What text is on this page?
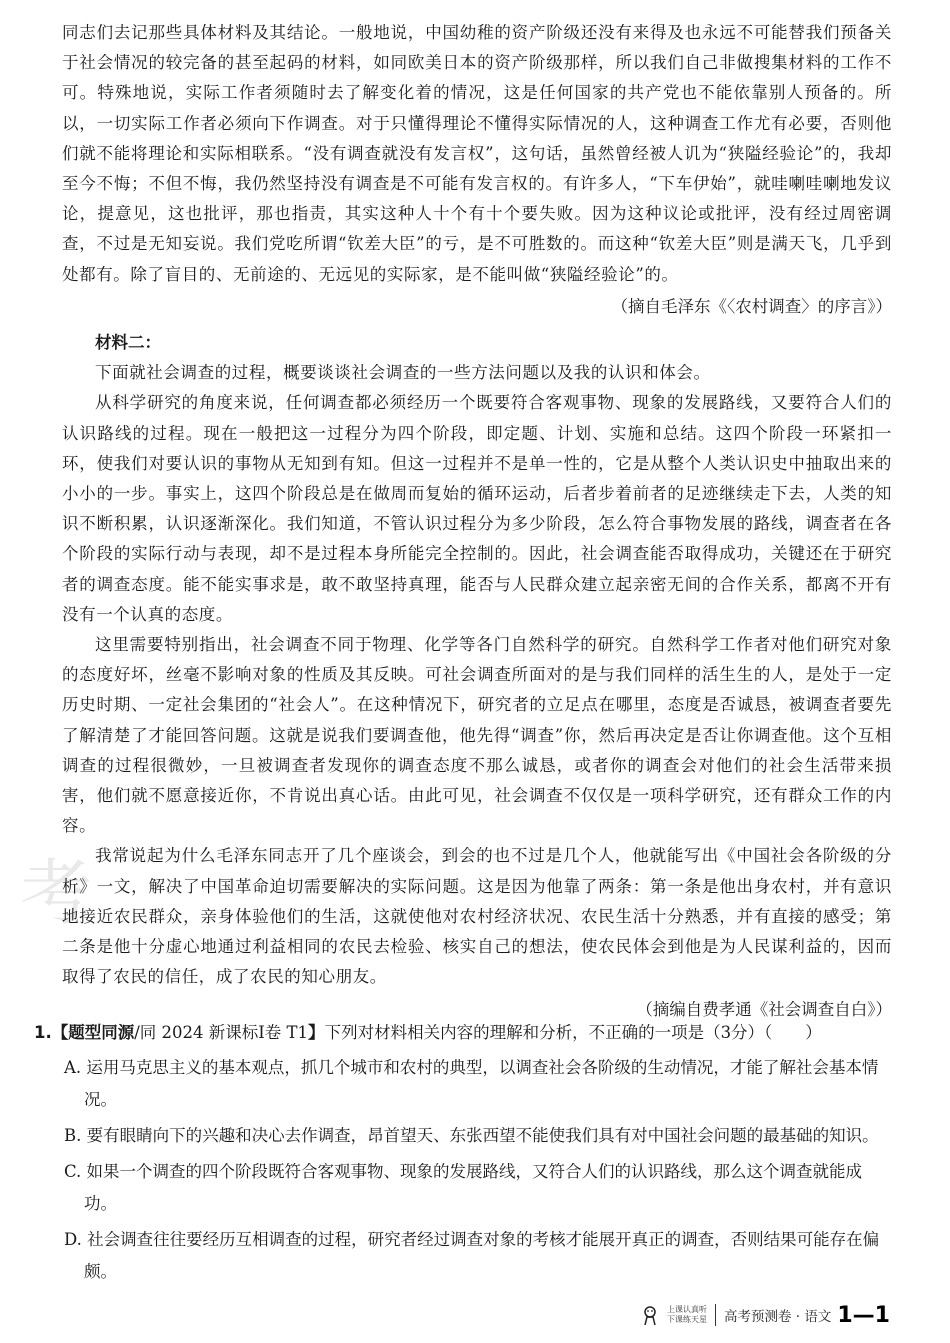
考

同志们去记那些具体材料及其结论。一般地说，中国幼稚的资产阶级还没有来得及也永远不可能替我们预备关于社会情况的较完备的甚至起码的材料，如同欧美日本的资产阶级那样，所以我们自己非做搜集材料的工作不可。特殊地说，实际工作者须随时去了解变化着的情况，这是任何国家的共产党也不能依靠别人预备的。所以，一切实际工作者必须向下作调查。对于只懂得理论不懂得实际情况的人，这种调查工作尤有必要，否则他们就不能将理论和实际相联系。“没有调查就没有发言权”，这句话，虽然曾经被人讥为“狭隘经验论”的，我却至今不悔；不但不悔，我仍然坚持没有调查是不可能有发言权的。有许多人，“下车伊始”，就哇喇哇喇地发议论，提意见，这也批评，那也指责，其实这种人十个有十个要失败。因为这种议论或批评，没有经过周密调查，不过是无知妄说。我们党吃所谓“钦差大臣”的亏，是不可胜数的。而这种“钦差大臣”则是满天飞，几乎到处都有。除了盲目的、无前途的、无远见的实际家，是不能叫做“狭隘经验论”的。

（摘自毛泽东《〈农村调查〉的序言》）
材料二：

下面就社会调查的过程，概要谈谈社会调查的一些方法问题以及我的认识和体会。

从科学研究的角度来说，任何调查都必须经历一个既要符合客观事物、现象的发展路线，又要符合人们的认识路线的过程。现在一般把这一过程分为四个阶段，即定题、计划、实施和总结。这四个阶段一环紧扣一环，使我们对要认识的事物从无知到有知。但这一过程并不是单一性的，它是从整个人类认识史中抽取出来的小小的一步。事实上，这四个阶段总是在做周而复始的循环运动，后者步着前者的足迹继续走下去，人类的知识不断积累，认识逐渐深化。我们知道，不管认识过程分为多少阶段，怎么符合事物发展的路线，调查者在各个阶段的实际行动与表现，却不是过程本身所能完全控制的。因此，社会调查能否取得成功，关键还在于研究者的调查态度。能不能实事求是，敢不敢坚持真理，能否与人民群众建立起亲密无间的合作关系，都离不开有没有一个认真的态度。

这里需要特别指出，社会调查不同于物理、化学等各门自然科学的研究。自然科学工作者对他们研究对象的态度好坏，丝毫不影响对象的性质及其反映。可社会调查所面对的是与我们同样的活生生的人，是处于一定历史时期、一定社会集团的“社会人”。在这种情况下，研究者的立足点在哪里，态度是否诚恳，被调查者要先了解清楚了才能回答问题。这就是说我们要调查他，他先得“调查”你，然后再决定是否让你调查他。这个互相调查的过程很微妙，一旦被调查者发现你的调查态度不那么诚恳，或者你的调查会对他们的社会生活带来损害，他们就不愿意接近你，不肯说出真心话。由此可见，社会调查不仅仅是一项科学研究，还有群众工作的内容。

我常说起为什么毛泽东同志开了几个座谈会，到会的也不过是几个人，他就能写出《中国社会各阶级的分析》一文，解决了中国革命迫切需要解决的实际问题。这是因为他靠了两条：第一条是他出身农村，并有意识地接近农民群众，亲身体验他们的生活，这就使他对农村经济状况、农民生活十分熟悉，并有直接的感受；第二条是他十分虚心地通过利益相同的农民去检验、核实自己的想法，使农民体会到他是为人民谋利益的，因而取得了农民的信任，成了农民的知心朋友。

（摘编自费孝通《社会调查自白》）
1.【题型同源/同 2024 新课标Ⅰ卷 T1】下列对材料相关内容的理解和分析，不正确的一项是（3分）（　　）
A. 运用马克思主义的基本观点，抓几个城市和农村的典型，以调查社会各阶级的生动情况，才能了解社会基本情况。
B. 要有眼睛向下的兴趣和决心去作调查，昂首望天、东张西望不能使我们具有对中国社会问题的最基础的知识。
C. 如果一个调查的四个阶段既符合客观事物、现象的发展路线，又符合人们的认识路线，那么这个调查就能成功。
D. 社会调查往往要经历互相调查的过程，研究者经过调查对象的考核才能展开真正的调查，否则结果可能存在偏颇。
上课认真听
下课练天星 高考预测卷 · 语文 1—1
